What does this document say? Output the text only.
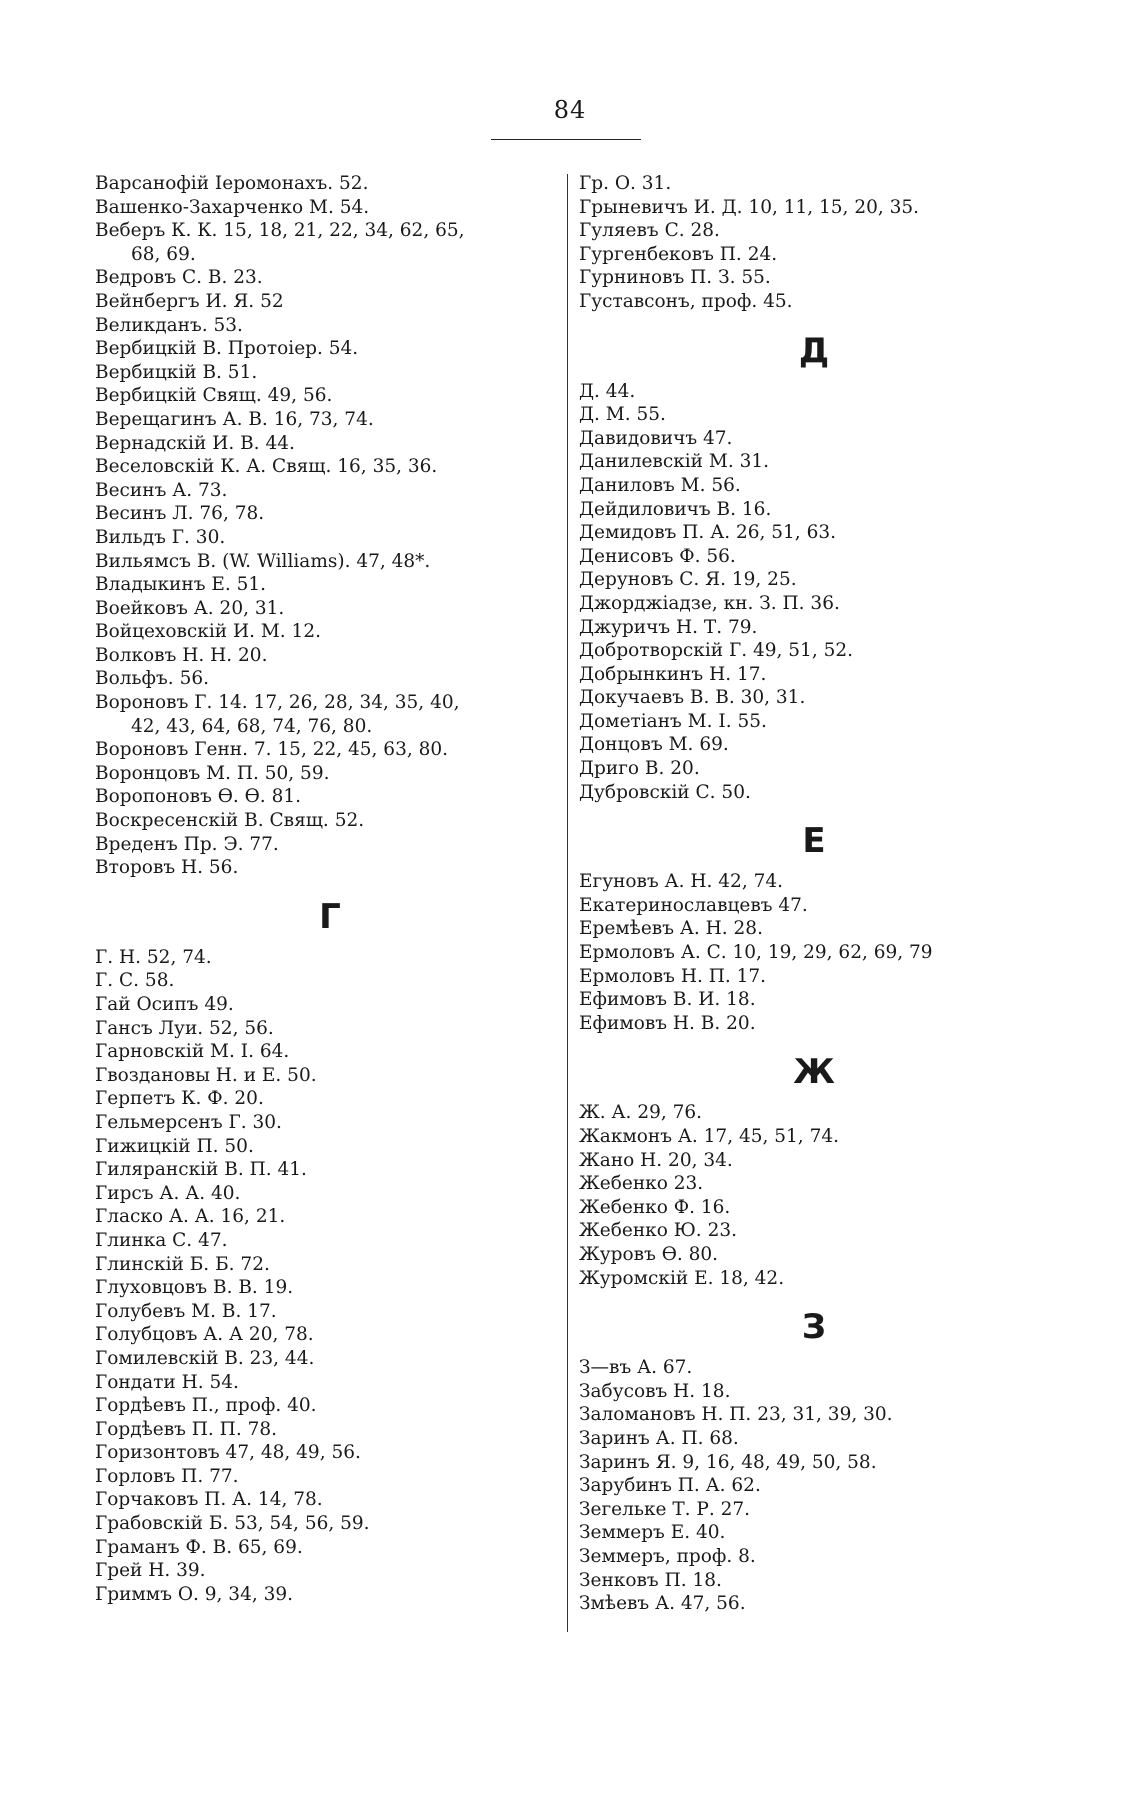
84
Варсанофій Іеромонахъ. 52.
Вашенко-Захарченко М. 54.
Веберъ К. К. 15, 18, 21, 22, 34, 62, 65,
68, 69.
Ведровъ С. В. 23.
Вейнбергъ И. Я. 52
Великданъ. 53.
Вербицкій В. Протоіер. 54.
Вербицкій В. 51.
Вербицкій Свящ. 49, 56.
Верещагинъ А. В. 16, 73, 74.
Вернадскій И. В. 44.
Веселовскій К. А. Свящ. 16, 35, 36.
Весинъ А. 73.
Весинъ Л. 76, 78.
Вильдъ Г. 30.
Вильямсъ В. (W. Williams). 47, 48*.
Владыкинъ Е. 51.
Воейковъ А. 20, 31.
Войцеховскій И. М. 12.
Волковъ Н. Н. 20.
Вольфъ. 56.
Вороновъ Г. 14. 17, 26, 28, 34, 35, 40,
42, 43, 64, 68, 74, 76, 80.
Вороновъ Генн. 7. 15, 22, 45, 63, 80.
Воронцовъ М. П. 50, 59.
Воропоновъ Ѳ. Ѳ. 81.
Воскресенскій В. Свящ. 52.
Вреденъ Пр. Э. 77.
Второвъ Н. 56.
Г
Г. Н. 52, 74.
Г. С. 58.
Гай Осипъ 49.
Гансъ Луи. 52, 56.
Гарновскій М. І. 64.
Гвоздановы Н. и Е. 50.
Герпетъ К. Ф. 20.
Гельмерсенъ Г. 30.
Гижицкій П. 50.
Гиляранскій В. П. 41.
Гирсъ А. А. 40.
Гласко А. А. 16, 21.
Глинка С. 47.
Глинскій Б. Б. 72.
Глуховцовъ В. В. 19.
Голубевъ М. В. 17.
Голубцовъ А. А 20, 78.
Гомилевскій В. 23, 44.
Гондати Н. 54.
Гордѣевъ П., проф. 40.
Гордѣевъ П. П. 78.
Горизонтовъ 47, 48, 49, 56.
Горловъ П. 77.
Горчаковъ П. А. 14, 78.
Грабовскій Б. 53, 54, 56, 59.
Граманъ Ф. В. 65, 69.
Грей Н. 39.
Гриммъ О. 9, 34, 39.
Гр. О. 31.
Грыневичъ И. Д. 10, 11, 15, 20, 35.
Гуляевъ С. 28.
Гургенбековъ П. 24.
Гурниновъ П. З. 55.
Густавсонъ, проф. 45.
Д
Д. 44.
Д. М. 55.
Давидовичъ 47.
Данилевскій М. 31.
Даниловъ М. 56.
Дейдиловичъ В. 16.
Демидовъ П. А. 26, 51, 63.
Денисовъ Ф. 56.
Деруновъ С. Я. 19, 25.
Джорджіадзе, кн. З. П. 36.
Джуричъ Н. Т. 79.
Добротворскій Г. 49, 51, 52.
Добрынкинъ Н. 17.
Докучаевъ В. В. 30, 31.
Дометіанъ М. І. 55.
Донцовъ М. 69.
Дриго В. 20.
Дубровскій С. 50.
Е
Егуновъ А. Н. 42, 74.
Екатеринославцевъ 47.
Еремѣевъ А. Н. 28.
Ермоловъ А. С. 10, 19, 29, 62, 69, 79
Ермоловъ Н. П. 17.
Ефимовъ В. И. 18.
Ефимовъ Н. В. 20.
Ж
Ж. А. 29, 76.
Жакмонъ А. 17, 45, 51, 74.
Жано Н. 20, 34.
Жебенко 23.
Жебенко Ф. 16.
Жебенко Ю. 23.
Журовъ Ѳ. 80.
Журомскій Е. 18, 42.
З
З—въ А. 67.
Забусовъ Н. 18.
Заломановъ Н. П. 23, 31, 39, 30.
Заринъ А. П. 68.
Заринъ Я. 9, 16, 48, 49, 50, 58.
Зарубинъ П. А. 62.
Зегельке Т. Р. 27.
Земмеръ Е. 40.
Земмеръ, проф. 8.
Зенковъ П. 18.
Змѣевъ А. 47, 56.
